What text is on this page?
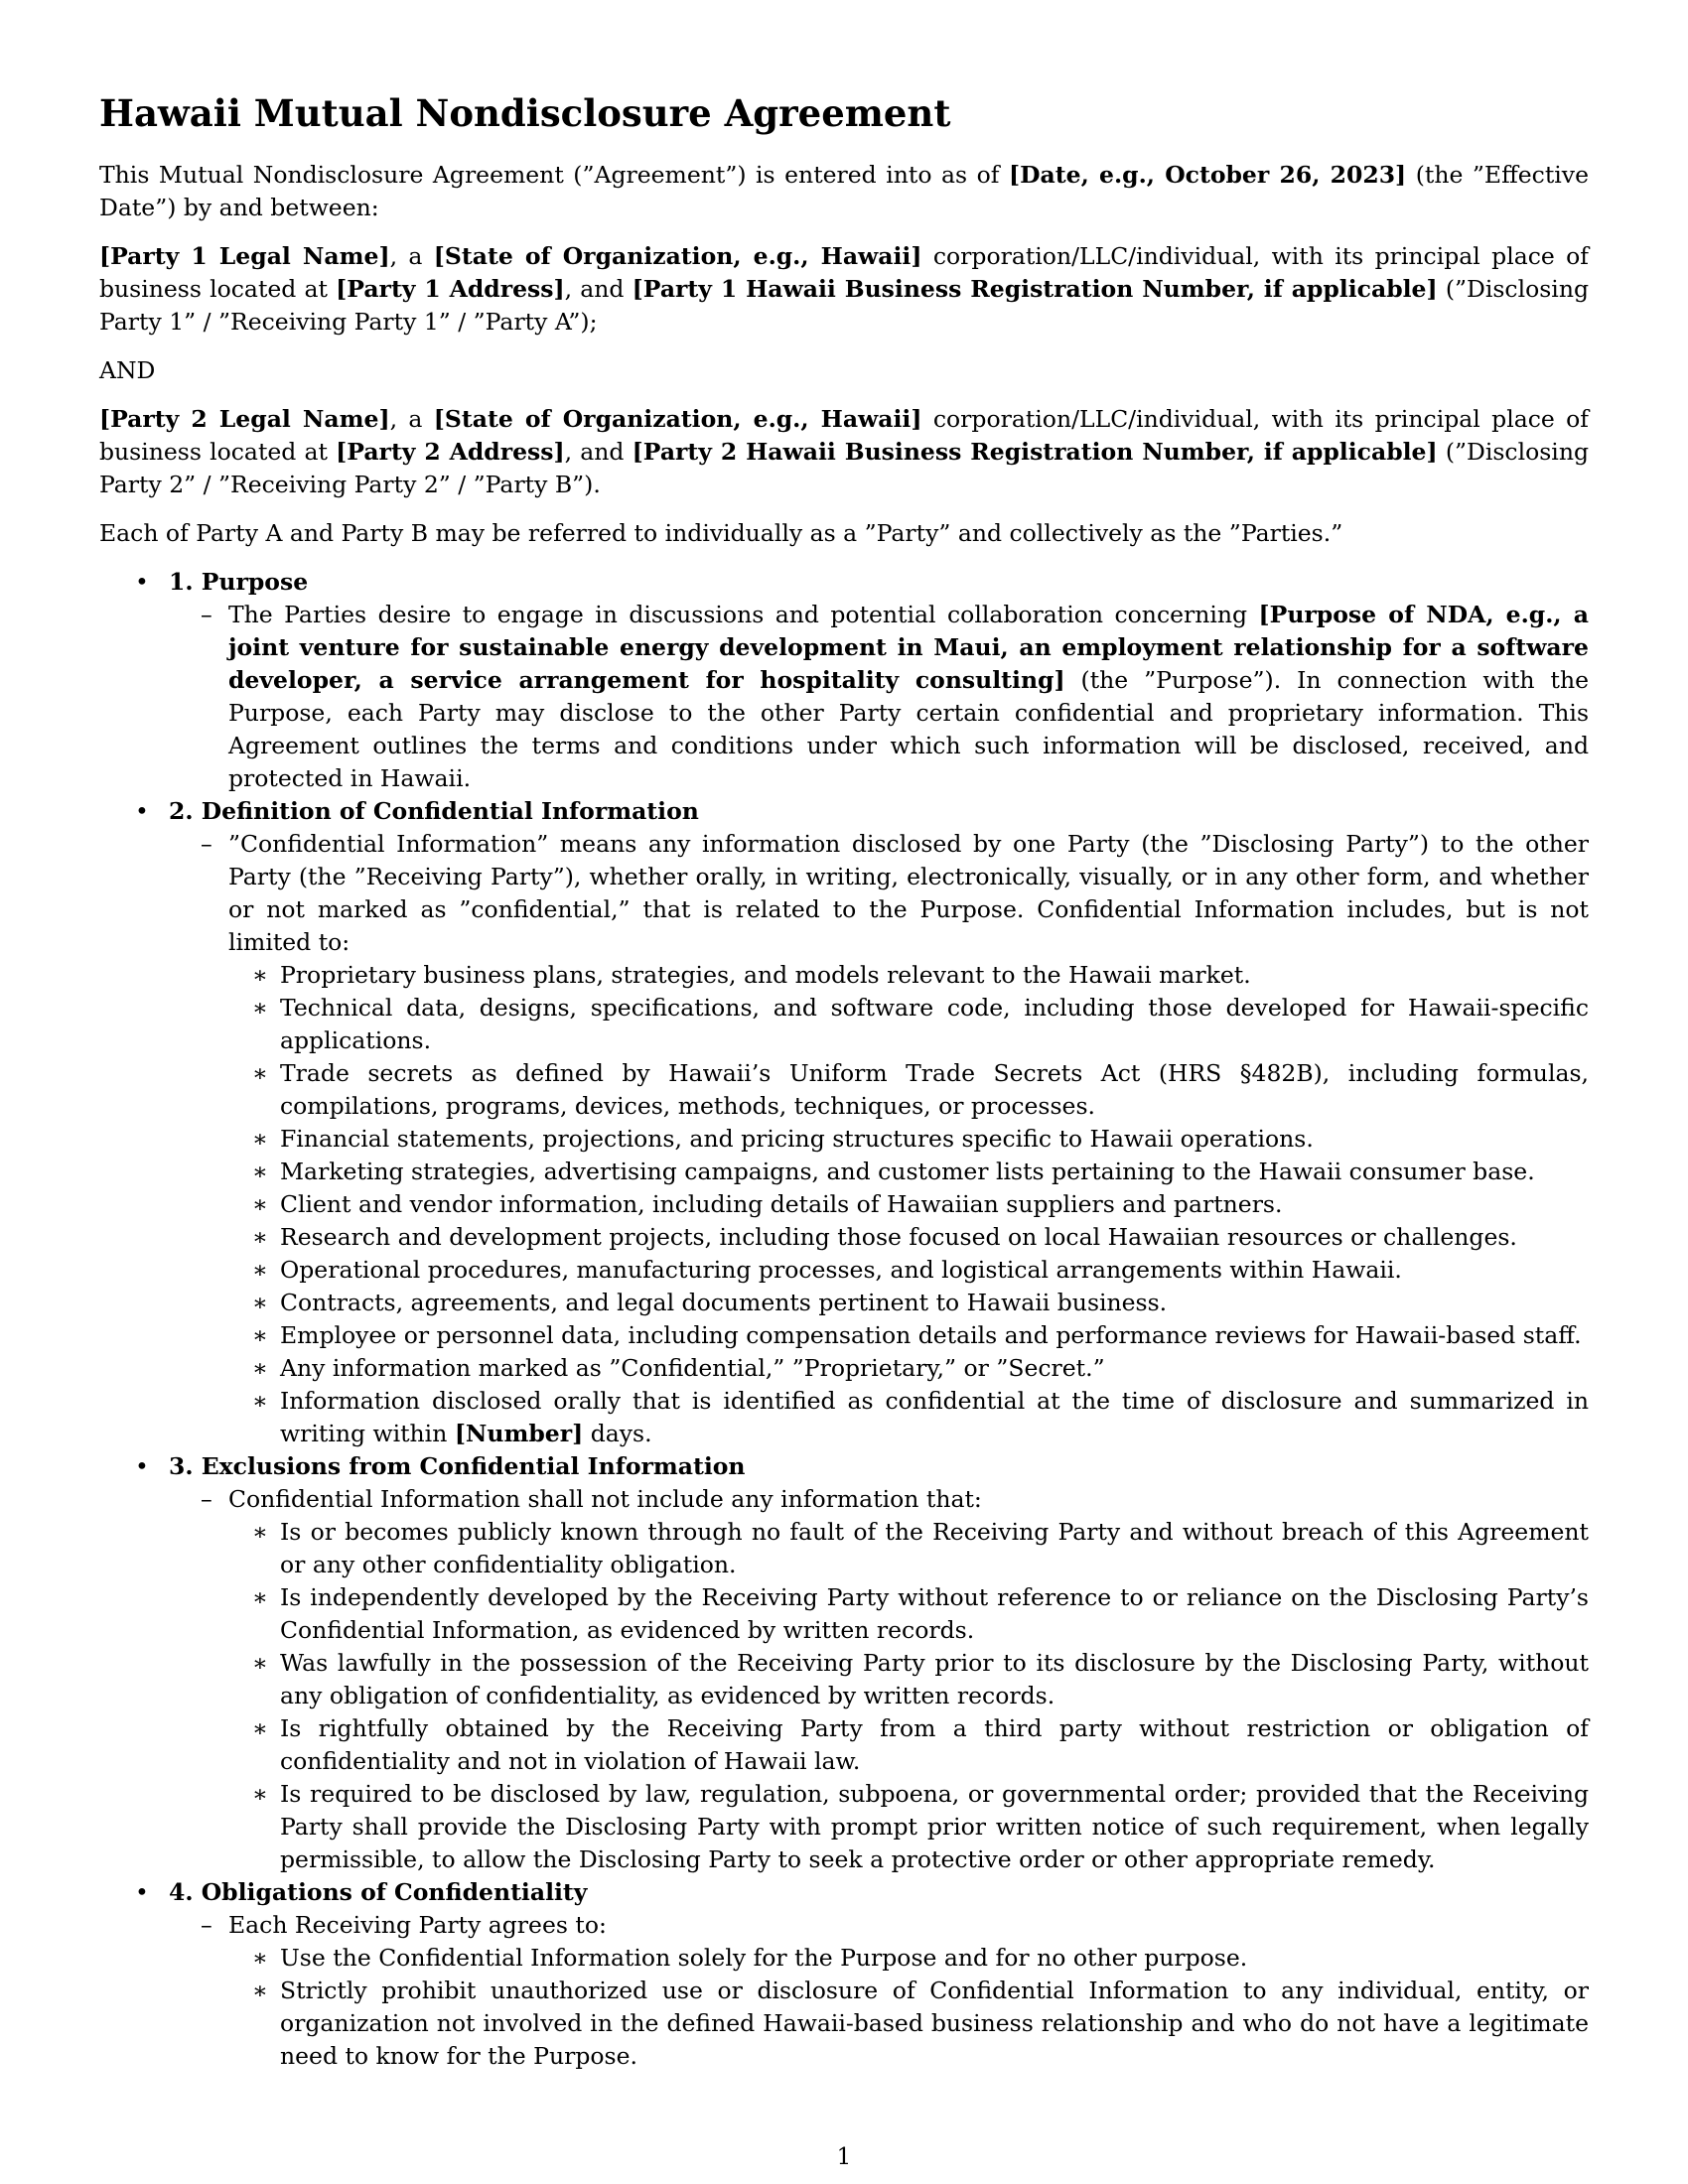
Hawaii Mutual Nondisclosure Agreement

This Mutual Nondisclosure Agreement (”Agreement”) is entered into as of [Date, e.g., October 26, 2023] (the ”Effective Date”) by and between:

[Party 1 Legal Name], a [State of Organization, e.g., Hawaii] corporation/LLC/individual, with its principal place of business located at [Party 1 Address], and [Party 1 Hawaii Business Registration Number, if applicable] (”Disclosing Party 1” / ”Receiving Party 1” / ”Party A”);

AND

[Party 2 Legal Name], a [State of Organization, e.g., Hawaii] corporation/LLC/individual, with its principal place of business located at [Party 2 Address], and [Party 2 Hawaii Business Registration Number, if applicable] (”Disclosing Party 2” / ”Receiving Party 2” / ”Party B”).

Each of Party A and Party B may be referred to individually as a ”Party” and collectively as the ”Parties.”

• 1. Purpose
– The Parties desire to engage in discussions and potential collaboration concerning [Purpose of NDA, e.g., a joint venture for sustainable energy development in Maui, an employment relationship for a software developer, a service arrangement for hospitality consulting] (the ”Purpose”). In connection with the Purpose, each Party may disclose to the other Party certain confidential and proprietary information. This Agreement outlines the terms and conditions under which such information will be disclosed, received, and protected in Hawaii.
• 2. Definition of Confidential Information
– ”Confidential Information” means any information disclosed by one Party (the ”Disclosing Party”) to the other Party (the ”Receiving Party”), whether orally, in writing, electronically, visually, or in any other form, and whether or not marked as ”confidential,” that is related to the Purpose. Confidential Information includes, but is not limited to:
∗ Proprietary business plans, strategies, and models relevant to the Hawaii market.
∗ Technical data, designs, specifications, and software code, including those developed for Hawaii-specific applications.
∗ Trade secrets as defined by Hawaii’s Uniform Trade Secrets Act (HRS §482B), including formulas, compilations, programs, devices, methods, techniques, or processes.
∗ Financial statements, projections, and pricing structures specific to Hawaii operations.
∗ Marketing strategies, advertising campaigns, and customer lists pertaining to the Hawaii consumer base.
∗ Client and vendor information, including details of Hawaiian suppliers and partners.
∗ Research and development projects, including those focused on local Hawaiian resources or challenges.
∗ Operational procedures, manufacturing processes, and logistical arrangements within Hawaii.
∗ Contracts, agreements, and legal documents pertinent to Hawaii business.
∗ Employee or personnel data, including compensation details and performance reviews for Hawaii-based staff.
∗ Any information marked as ”Confidential,” ”Proprietary,” or ”Secret.”
∗ Information disclosed orally that is identified as confidential at the time of disclosure and summarized in writing within [Number] days.
• 3. Exclusions from Confidential Information
– Confidential Information shall not include any information that:
∗ Is or becomes publicly known through no fault of the Receiving Party and without breach of this Agreement or any other confidentiality obligation.
∗ Is independently developed by the Receiving Party without reference to or reliance on the Disclosing Party’s Confidential Information, as evidenced by written records.
∗ Was lawfully in the possession of the Receiving Party prior to its disclosure by the Disclosing Party, without any obligation of confidentiality, as evidenced by written records.
∗ Is rightfully obtained by the Receiving Party from a third party without restriction or obligation of confidentiality and not in violation of Hawaii law.
∗ Is required to be disclosed by law, regulation, subpoena, or governmental order; provided that the Receiving Party shall provide the Disclosing Party with prompt prior written notice of such requirement, when legally permissible, to allow the Disclosing Party to seek a protective order or other appropriate remedy.
• 4. Obligations of Confidentiality
– Each Receiving Party agrees to:
∗ Use the Confidential Information solely for the Purpose and for no other purpose.
∗ Strictly prohibit unauthorized use or disclosure of Confidential Information to any individual, entity, or organization not involved in the defined Hawaii-based business relationship and who do not have a legitimate need to know for the Purpose.
1
